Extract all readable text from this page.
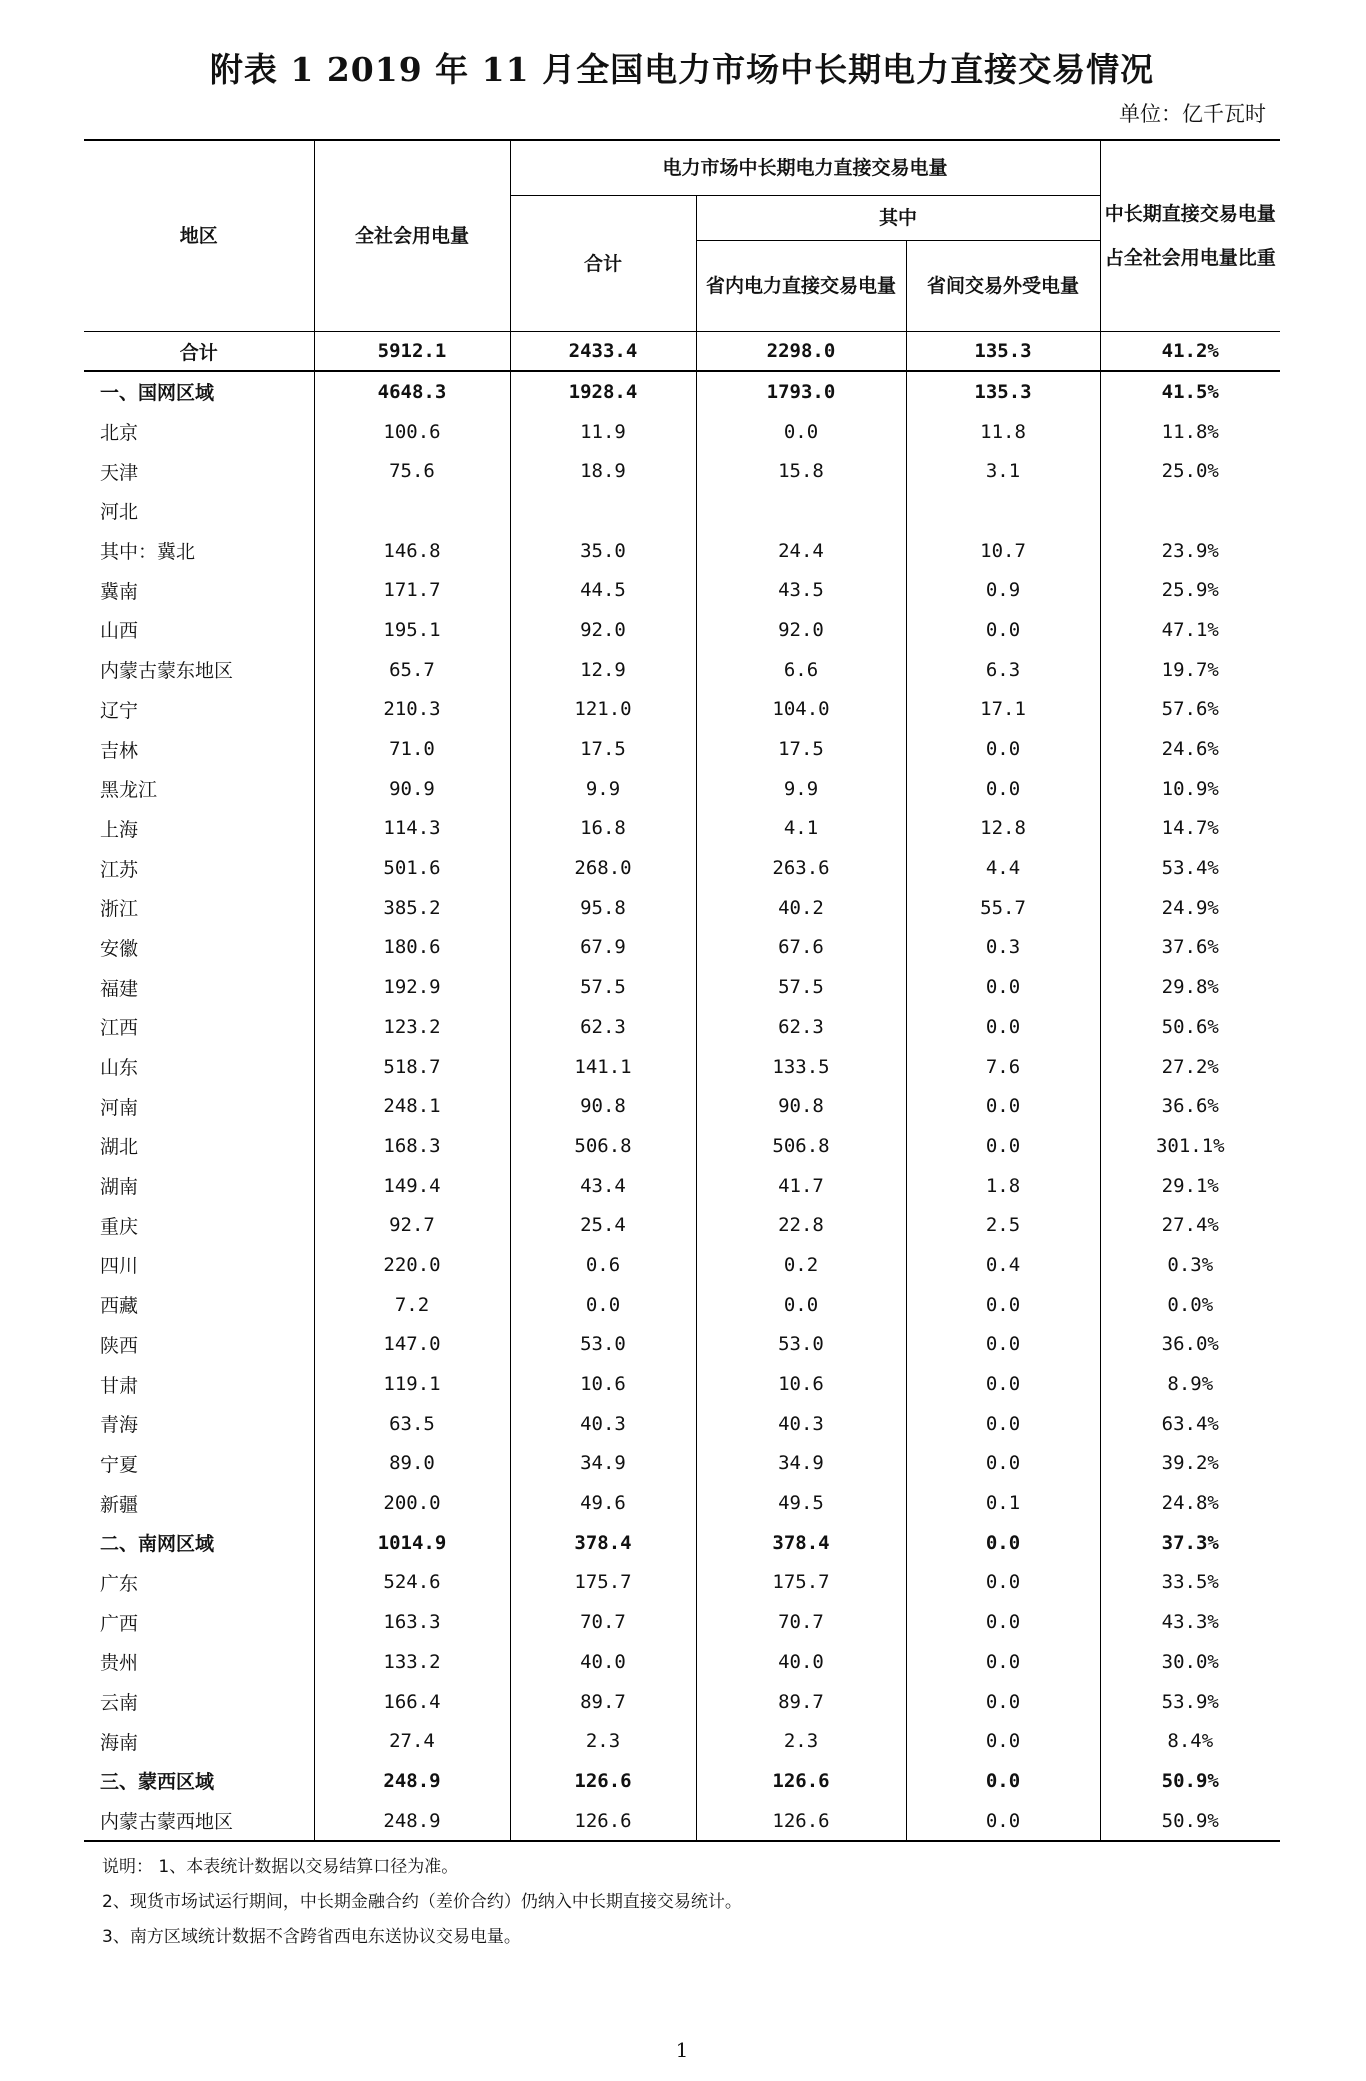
附表 1 2019 年 11 月全国电力市场中长期电力直接交易情况
单位：亿千瓦时
地区	全社会用电量	电力市场中长期电力直接交易电量			中长期直接交易电量占全社会用电量比重
		合计	其中		
			省内电力直接交易电量	省间交易外受电量	
合计	5912.1	2433.4	2298.0	135.3	41.2%
一、国网区域	4648.3	1928.4	1793.0	135.3	41.5%
北京	100.6	11.9	0.0	11.8	11.8%
天津	75.6	18.9	15.8	3.1	25.0%
河北					
其中：冀北	146.8	35.0	24.4	10.7	23.9%
冀南	171.7	44.5	43.5	0.9	25.9%
山西	195.1	92.0	92.0	0.0	47.1%
内蒙古蒙东地区	65.7	12.9	6.6	6.3	19.7%
辽宁	210.3	121.0	104.0	17.1	57.6%
吉林	71.0	17.5	17.5	0.0	24.6%
黑龙江	90.9	9.9	9.9	0.0	10.9%
上海	114.3	16.8	4.1	12.8	14.7%
江苏	501.6	268.0	263.6	4.4	53.4%
浙江	385.2	95.8	40.2	55.7	24.9%
安徽	180.6	67.9	67.6	0.3	37.6%
福建	192.9	57.5	57.5	0.0	29.8%
江西	123.2	62.3	62.3	0.0	50.6%
山东	518.7	141.1	133.5	7.6	27.2%
河南	248.1	90.8	90.8	0.0	36.6%
湖北	168.3	506.8	506.8	0.0	301.1%
湖南	149.4	43.4	41.7	1.8	29.1%
重庆	92.7	25.4	22.8	2.5	27.4%
四川	220.0	0.6	0.2	0.4	0.3%
西藏	7.2	0.0	0.0	0.0	0.0%
陕西	147.0	53.0	53.0	0.0	36.0%
甘肃	119.1	10.6	10.6	0.0	8.9%
青海	63.5	40.3	40.3	0.0	63.4%
宁夏	89.0	34.9	34.9	0.0	39.2%
新疆	200.0	49.6	49.5	0.1	24.8%
二、南网区域	1014.9	378.4	378.4	0.0	37.3%
广东	524.6	175.7	175.7	0.0	33.5%
广西	163.3	70.7	70.7	0.0	43.3%
贵州	133.2	40.0	40.0	0.0	30.0%
云南	166.4	89.7	89.7	0.0	53.9%
海南	27.4	2.3	2.3	0.0	8.4%
三、蒙西区域	248.9	126.6	126.6	0.0	50.9%
内蒙古蒙西地区	248.9	126.6	126.6	0.0	50.9%
说明： 1、本表统计数据以交易结算口径为准。
2、现货市场试运行期间，中长期金融合约（差价合约）仍纳入中长期直接交易统计。
3、南方区域统计数据不含跨省西电东送协议交易电量。
1
